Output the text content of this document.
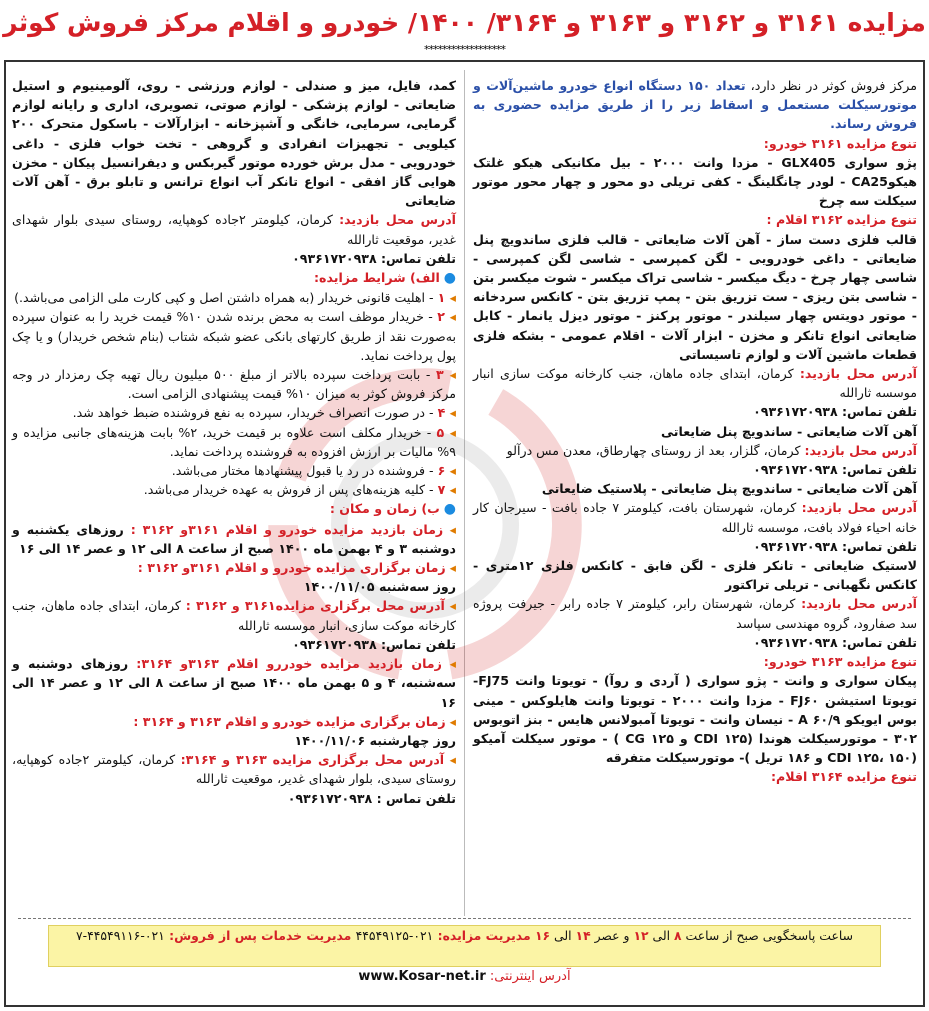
مزایده ۳۱۶۱ و ۳۱۶۲ و ۳۱۶۳ و ۳۱۶۴/ ۱۴۰۰/ خودرو و اقلام مرکز فروش کوثر
******************

مرکز فروش کوثر در نظر دارد، تعداد ۱۵۰ دستگاه انواع خودرو ماشین‌آلات و موتورسیکلت مستعمل و اسقاط زیر را از طریق مزایده حضوری به فروش رساند.

تنوع مزایده ۳۱۶۱ خودرو:

پژو سواری GLX405 - مزدا وانت ۲۰۰۰ - بیل مکانیکی هیکو غلتک هیکوCA25 - لودر چانگلینگ - کفی تریلی دو محور و چهار محور موتور سیکلت سه چرخ

تنوع مزایده ۳۱۶۲ اقلام :

قالب فلزی دست ساز - آهن آلات ضایعاتی - قالب فلزی ساندویچ پنل ضایعاتی - داغی خودرویی - لگن کمپرسی - شاسی لگن کمپرسی - شاسی چهار چرخ - دیگ میکسر - شاسی تراک میکسر - شوت میکسر بتن - شاسی بتن ریزی - ست تزریق بتن - پمپ تزریق بتن - کانکس سردخانه - موتور دویتس چهار سیلندر - موتور پرکنز - موتور دیزل یانمار - کابل ضایعاتی انواع تانکر و مخزن - ابزار آلات - اقلام عمومی - بشکه فلزی قطعات ماشین آلات و لوازم تاسیساتی

آدرس محل بازدید: کرمان، ابتدای جاده ماهان، جنب کارخانه موکت سازی انبار موسسه ثارالله

تلفن تماس: ۰۹۳۶۱۷۲۰۹۳۸

آهن آلات ضایعاتی - ساندویچ پنل ضایعاتی

آدرس محل بازدید: کرمان، گلزار، بعد از روستای چهارطاق، معدن مس درآلو

تلفن تماس: ۰۹۳۶۱۷۲۰۹۳۸

آهن آلات ضایعاتی - ساندویچ پنل ضایعاتی - پلاستیک ضایعاتی

آدرس محل بازدید: کرمان، شهرستان بافت، کیلومتر ۷ جاده بافت - سیرجان کار خانه احیاء فولاد بافت، موسسه ثارالله

تلفن تماس: ۰۹۳۶۱۷۲۰۹۳۸

لاستیک ضایعاتی - تانکر فلزی - لگن فابق - کانکس فلزی ۱۲متری - کانکس نگهبانی - تریلی تراکتور

آدرس محل بازدید: کرمان، شهرستان رابر، کیلومتر ۷ جاده رابر - جیرفت پروژه سد صفارود، گروه مهندسی سپاسد

تلفن تماس: ۰۹۳۶۱۷۲۰۹۳۸

تنوع مزایده ۳۱۶۳ خودرو:

پیکان سواری و وانت - پژو سواری ( آردی و روآ) - تویوتا وانت FJ75-تویوتا استیشن FJ۶۰ - مزدا وانت ۲۰۰۰ - تویوتا وانت هایلوکس - مینی بوس ایویکو A ۶۰/۹ - نیسان وانت - تویوتا آمبولانس هایس - بنز اتوبوس ۳۰۲ - موتورسیکلت هوندا (CDI ۱۲۵ و CG ۱۲۵ ) - موتور سیکلت آمیکو (CDI ۱۲۵، ۱۵۰ و ۱۸۶ تریل )- موتورسیکلت متفرقه

تنوع مزایده ۳۱۶۴ اقلام:

کمد، فایل، میز و صندلی - لوازم ورزشی - روی، آلومینیوم و استیل ضایعاتی - لوازم پزشکی - لوازم صوتی، تصویری، اداری و رایانه لوازم گرمایی، سرمایی، خانگی و آشپزخانه - ابزارآلات - باسکول متحرک ۲۰۰ کیلویی - تجهیزات انفرادی و گروهی - تخت خواب فلزی - داغی خودرویی - مدل برش خورده موتور گیربکس و دیفرانسیل پیکان - مخزن هوایی گاز افقی - انواع تانکر آب انواع ترانس و تابلو برق - آهن آلات ضایعاتی

آدرس محل بازدید: کرمان، کیلومتر ۲جاده کوهپایه، روستای سیدی بلوار شهدای غدیر، موقعیت ثارالله

تلفن تماس: ۰۹۳۶۱۷۲۰۹۳۸

● الف) شرایط مزایده:

◂ ۱ - اهلیت قانونی خریدار (به همراه داشتن اصل و کپی کارت ملی الزامی می‌باشد.)

◂ ۲ - خریدار موظف است به محض برنده شدن ۱۰% قیمت خرید را به عنوان سپرده به‌صورت نقد از طریق کارتهای بانکی عضو شبکه شتاب (بنام شخص خریدار) و یا چک پول پرداخت نماید.

◂ ۳ - بابت پرداخت سپرده بالاتر از مبلغ ۵۰۰ میلیون ریال تهیه چک رمزدار در وجه مرکز فروش کوثر به میزان ۱۰% قیمت پیشنهادی الزامی است.

◂ ۴ - در صورت انصراف خریدار، سپرده به نفع فروشنده ضبط خواهد شد.

◂ ۵ - خریدار مکلف است علاوه بر قیمت خرید، ۲% بابت هزینه‌های جانبی مزایده و ۹% مالیات بر ارزش افزوده به فروشنده پرداخت نماید.

◂ ۶ - فروشنده در رد یا قبول پیشنهادها مختار می‌باشد.

◂ ۷ - کلیه هزینه‌های پس از فروش به عهده خریدار می‌باشد.

● ب) زمان و مکان :

◂ زمان بازدید مزایده خودرو و اقلام ۳۱۶۱و ۳۱۶۲ : روزهای یکشنبه و دوشنبه ۳ و ۴ بهمن ماه ۱۴۰۰ صبح از ساعت ۸ الی ۱۲ و عصر ۱۴ الی ۱۶

◂ زمان برگزاری مزایده خودرو و اقلام ۳۱۶۱و ۳۱۶۲ :

روز سه‌شنبه ۱۴۰۰/۱۱/۰۵

◂ آدرس محل برگزاری مزایده۳۱۶۱ و ۳۱۶۲ : کرمان، ابتدای جاده ماهان، جنب کارخانه موکت سازی، انبار موسسه ثارالله

تلفن تماس: ۰۹۳۶۱۷۲۰۹۳۸

◂ زمان بازدید مزایده خودررو اقلام ۳۱۶۳و ۳۱۶۴: روزهای دوشنبه و سه‌شنبه، ۴ و ۵ بهمن ماه ۱۴۰۰ صبح از ساعت ۸ الی ۱۲ و عصر ۱۴ الی ۱۶

◂ زمان برگزاری مزایده خودرو و اقلام ۳۱۶۳ و ۳۱۶۴ :

روز چهارشنبه ۱۴۰۰/۱۱/۰۶

◂ آدرس محل برگزاری مزایده ۳۱۶۳ و ۳۱۶۴: کرمان، کیلومتر ۲جاده کوهپایه، روستای سیدی، بلوار شهدای غدیر، موقعیت ثارالله

تلفن تماس : ۰۹۳۶۱۷۲۰۹۳۸

ساعت پاسخگویی صبح از ساعت ۸ الی ۱۲ و عصر ۱۴ الی ۱۶ مدیریت مزایده: ۰۲۱-۴۴۵۴۹۱۲۵ مدیریت خدمات پس از فروش: ۰۲۱-۴۴۵۴۹۱۱۶-۷
آدرس اینترنتی: www.Kosar-net.ir
